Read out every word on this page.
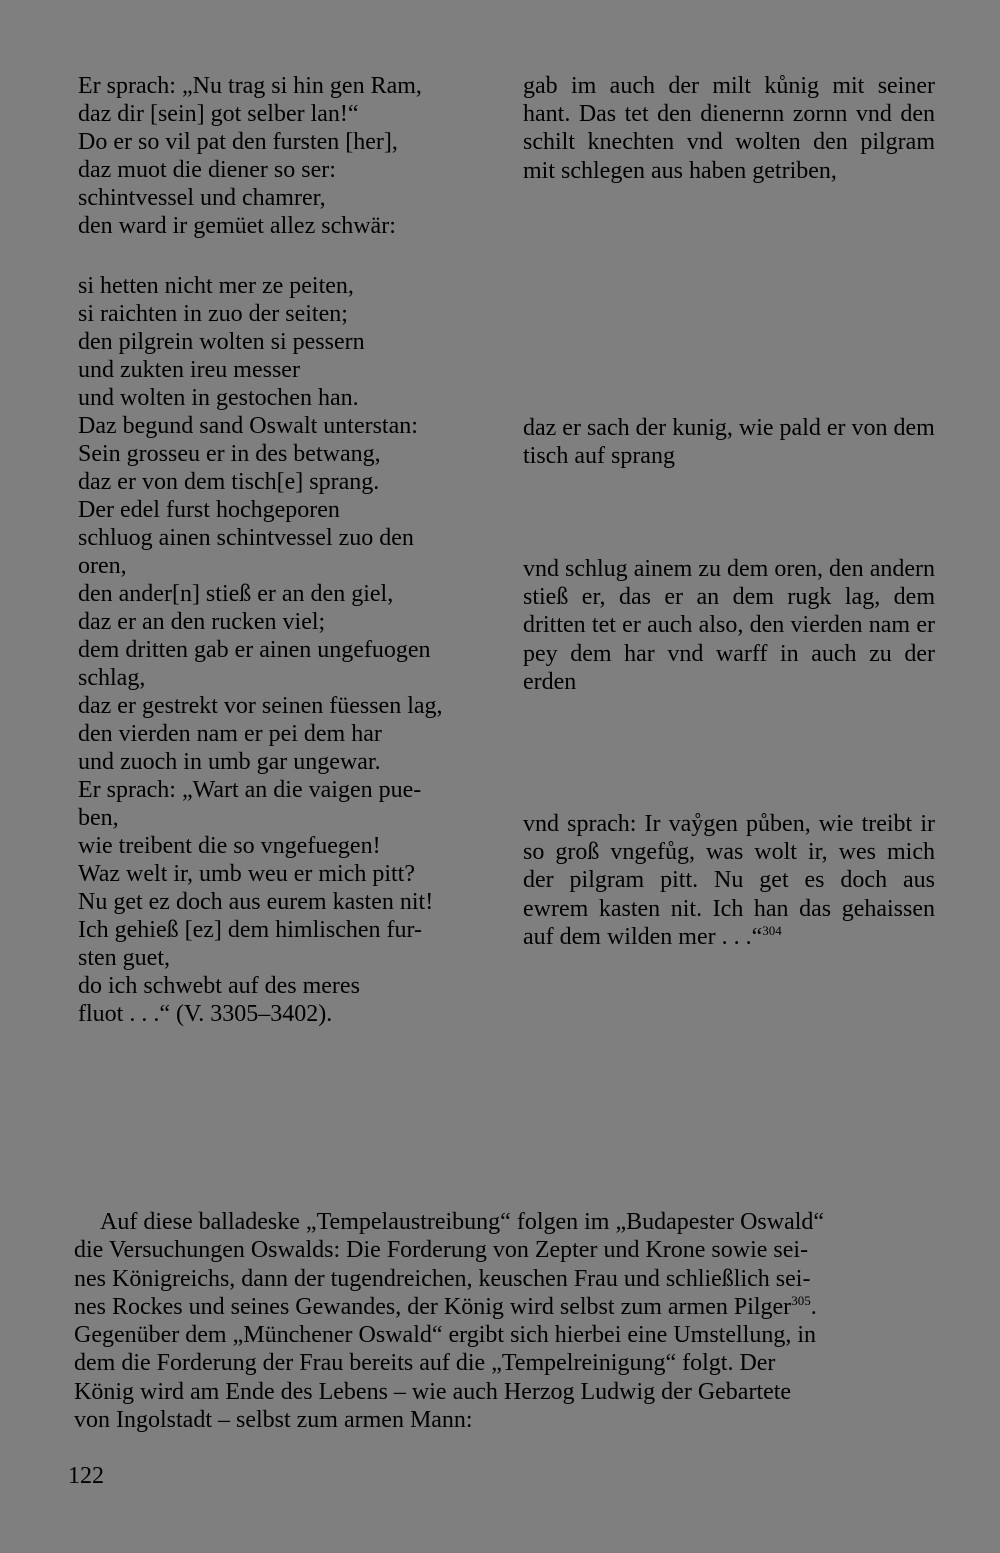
Er sprach: „Nu trag si hin gen Ram,
daz dir [sein] got selber lan!“
Do er so vil pat den fursten [her],
daz muot die diener so ser:
schintvessel und chamrer,
den ward ir gemüet allez schwär:
si hetten nicht mer ze peiten,
si raichten in zuo der seiten;
den pilgrein wolten si pessern
und zukten ireu messer
und wolten in gestochen han.
Daz begund sand Oswalt unterstan:
Sein grosseu er in des betwang,
daz er von dem tisch[e] sprang.
Der edel furst hochgeporen
schluog ainen schintvessel zuo den
oren,
den ander[n] stieß er an den giel,
daz er an den rucken viel;
dem dritten gab er ainen ungefuogen
schlag,
daz er gestrekt vor seinen füessen lag,
den vierden nam er pei dem har
und zuoch in umb gar ungewar.
Er sprach: „Wart an die vaigen pue-
ben,
wie treibent die so vngefuegen!
Waz welt ir, umb weu er mich pitt?
Nu get ez doch aus eurem kasten nit!
Ich gehieß [ez] dem himlischen fur-
sten guet,
do ich schwebt auf des meres
fluot . . .“ (V. 3305–3402).

gab im auch der milt kůnig mit seiner hant. Das tet den dienernn zornn vnd den schilt knechten vnd wolten den pilgram mit schlegen aus haben getriben,

daz er sach der kunig, wie pald er von dem tisch auf sprang

vnd schlug ainem zu dem oren, den andern stieß er, das er an dem rugk lag, dem dritten tet er auch also, den vierden nam er pey dem har vnd warff in auch zu der erden

vnd sprach: Ir vaẙgen půben, wie treibt ir so groß vngefůg, was wolt ir, wes mich der pilgram pitt. Nu get es doch aus ewrem kasten nit. Ich han das gehaissen auf dem wilden mer . . .“$^{304}$

Auf diese balladeske „Tempelaustreibung“ folgen im „Budapester Oswald“
die Versuchungen Oswalds: Die Forderung von Zepter und Krone sowie sei-
nes Königreichs, dann der tugendreichen, keuschen Frau und schließlich sei-
nes Rockes und seines Gewandes, der König wird selbst zum armen Pilger$^{305}$.
Gegenüber dem „Münchener Oswald“ ergibt sich hierbei eine Umstellung, in
dem die Forderung der Frau bereits auf die „Tempelreinigung“ folgt. Der
König wird am Ende des Lebens – wie auch Herzog Ludwig der Gebartete
von Ingolstadt – selbst zum armen Mann:

122
